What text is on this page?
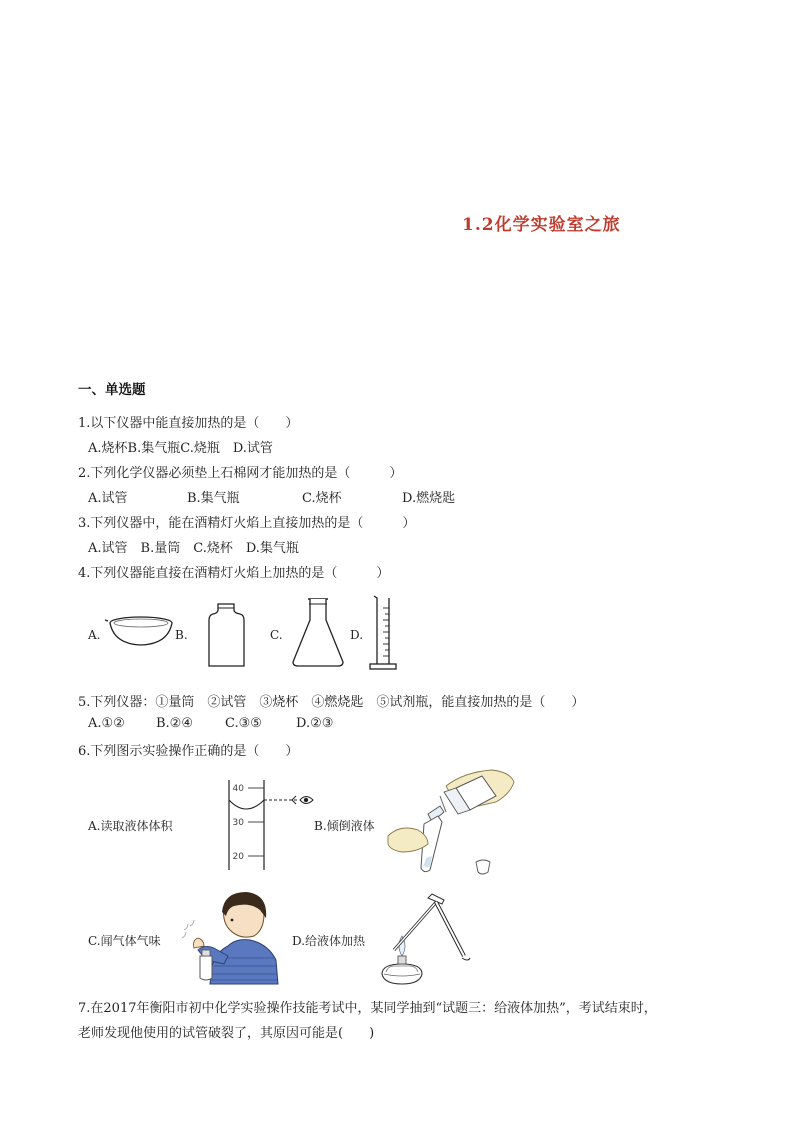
1.2化学实验室之旅
一、单选题
1.以下仪器中能直接加热的是（　　）
A.烧杯B.集气瓶C.烧瓶　D.试管
2.下列化学仪器必须垫上石棉网才能加热的是（　　　）
A.试管	B.集气瓶	C.烧杯	D.燃烧匙
3.下列仪器中，能在酒精灯火焰上直接加热的是（　　　）
A.试管　B.量筒　C.烧杯　D.集气瓶
4.下列仪器能直接在酒精灯火焰上加热的是（　　　）
A.	B.	C.	D.
5.下列仪器：①量筒　②试管　③烧杯　④燃烧匙　⑤试剂瓶，能直接加热的是（　　）
A.①② B.②④ C.③⑤	D.②③
6.下列图示实验操作正确的是（　　）
A.读取液体体积	B.倾倒液体
C.闻气体气味	D.给液体加热
40
30
20
7.在2017年衡阳市初中化学实验操作技能考试中，某同学抽到“试题三：给液体加热”，考试结束时，
老师发现他使用的试管破裂了，其原因可能是(　　)
